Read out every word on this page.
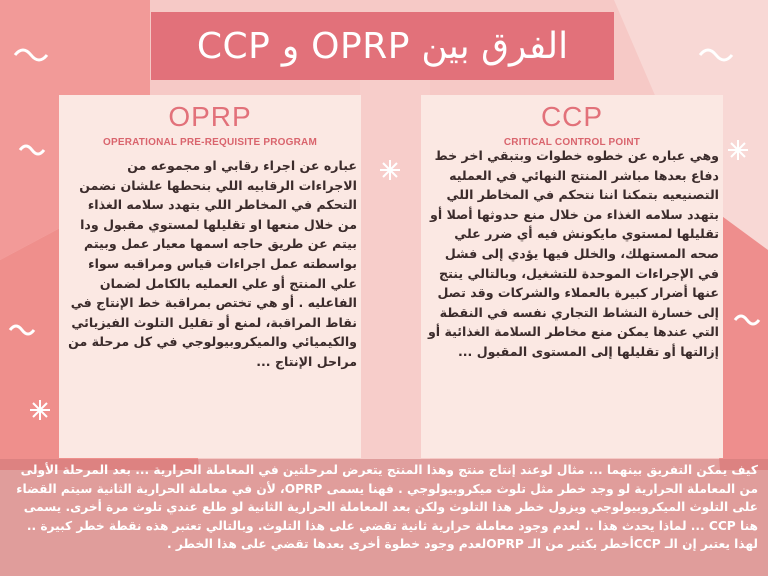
الفرق بين OPRP و CCP
OPRP
OPERATIONAL PRE-REQUISITE PROGRAM
عباره عن اجراء رقابي او مجموعه من الاجراءات الرقابيه اللي بنحطها علشان نضمن التحكم في المخاطر اللي بتهدد سلامه الغذاء من خلال منعها او تقليلها لمستوي مقبول ودا بيتم عن طريق حاجه اسمها معيار عمل وبيتم بواسطته عمل اجراءات قياس ومراقبه سواء علي المنتج أو علي العمليه بالكامل لضمان الفاعليه . أو هي تختص بمراقبة خط الإنتاج في نقاط المراقبة، لمنع أو تقليل التلوث الفيزيائي والكيميائي والميكروبيولوجي في كل مرحلة من مراحل الإنتاج ...
CCP
CRITICAL CONTROL POINT
وهي عباره عن خطوه خطوات وبتبقي اخر خط دفاع بعدها مباشر المنتج النهائي في العمليه التصنيعيه بتمكنا اننا نتحكم في المخاطر اللي بتهدد سلامه الغذاء من خلال منع حدوثها أصلا أو تقليلها لمستوي مايكونش فيه أي ضرر علي صحه المستهلك، والخلل فيها يؤدي إلى فشل في الإجراءات الموحدة للتشغيل، وبالتالي ينتج عنها أضرار كبيرة بالعملاء والشركات وقد تصل إلى خسارة النشاط التجاري نفسه في النقطة التي عندها يمكن منع مخاطر السلامة الغذائية أو إزالتها أو تقليلها إلى المستوى المقبول ...
كيف يمكن التفريق بينهما ... مثال لوعند إنتاج منتج وهذا المنتج يتعرض لمرحلتين في المعاملة الحرارية ... بعد المرحلة الأولى من المعاملة الحرارية لو وجد خطر مثل تلوث ميكروبيولوجي . فهنا يسمى OPRP، لأن في معاملة الحرارية الثانية سيتم القضاء على التلوث الميكروبيولوجي ويزول خطر هذا التلوث ولكن بعد المعاملة الحرارية الثانية لو طلع عندي تلوث مرة أخرى. يسمى هنا CCP ... لماذا يحدث هذا .. لعدم وجود معاملة حرارية ثانية تقضي على هذا التلوث. وبالتالي تعتبر هذه نقطة خطر كبيرة .. لهذا يعتبر إن الـ CCPأخطر بكثير من الـ OPRPلعدم وجود خطوة أخرى بعدها تقضي على هذا الخطر .
